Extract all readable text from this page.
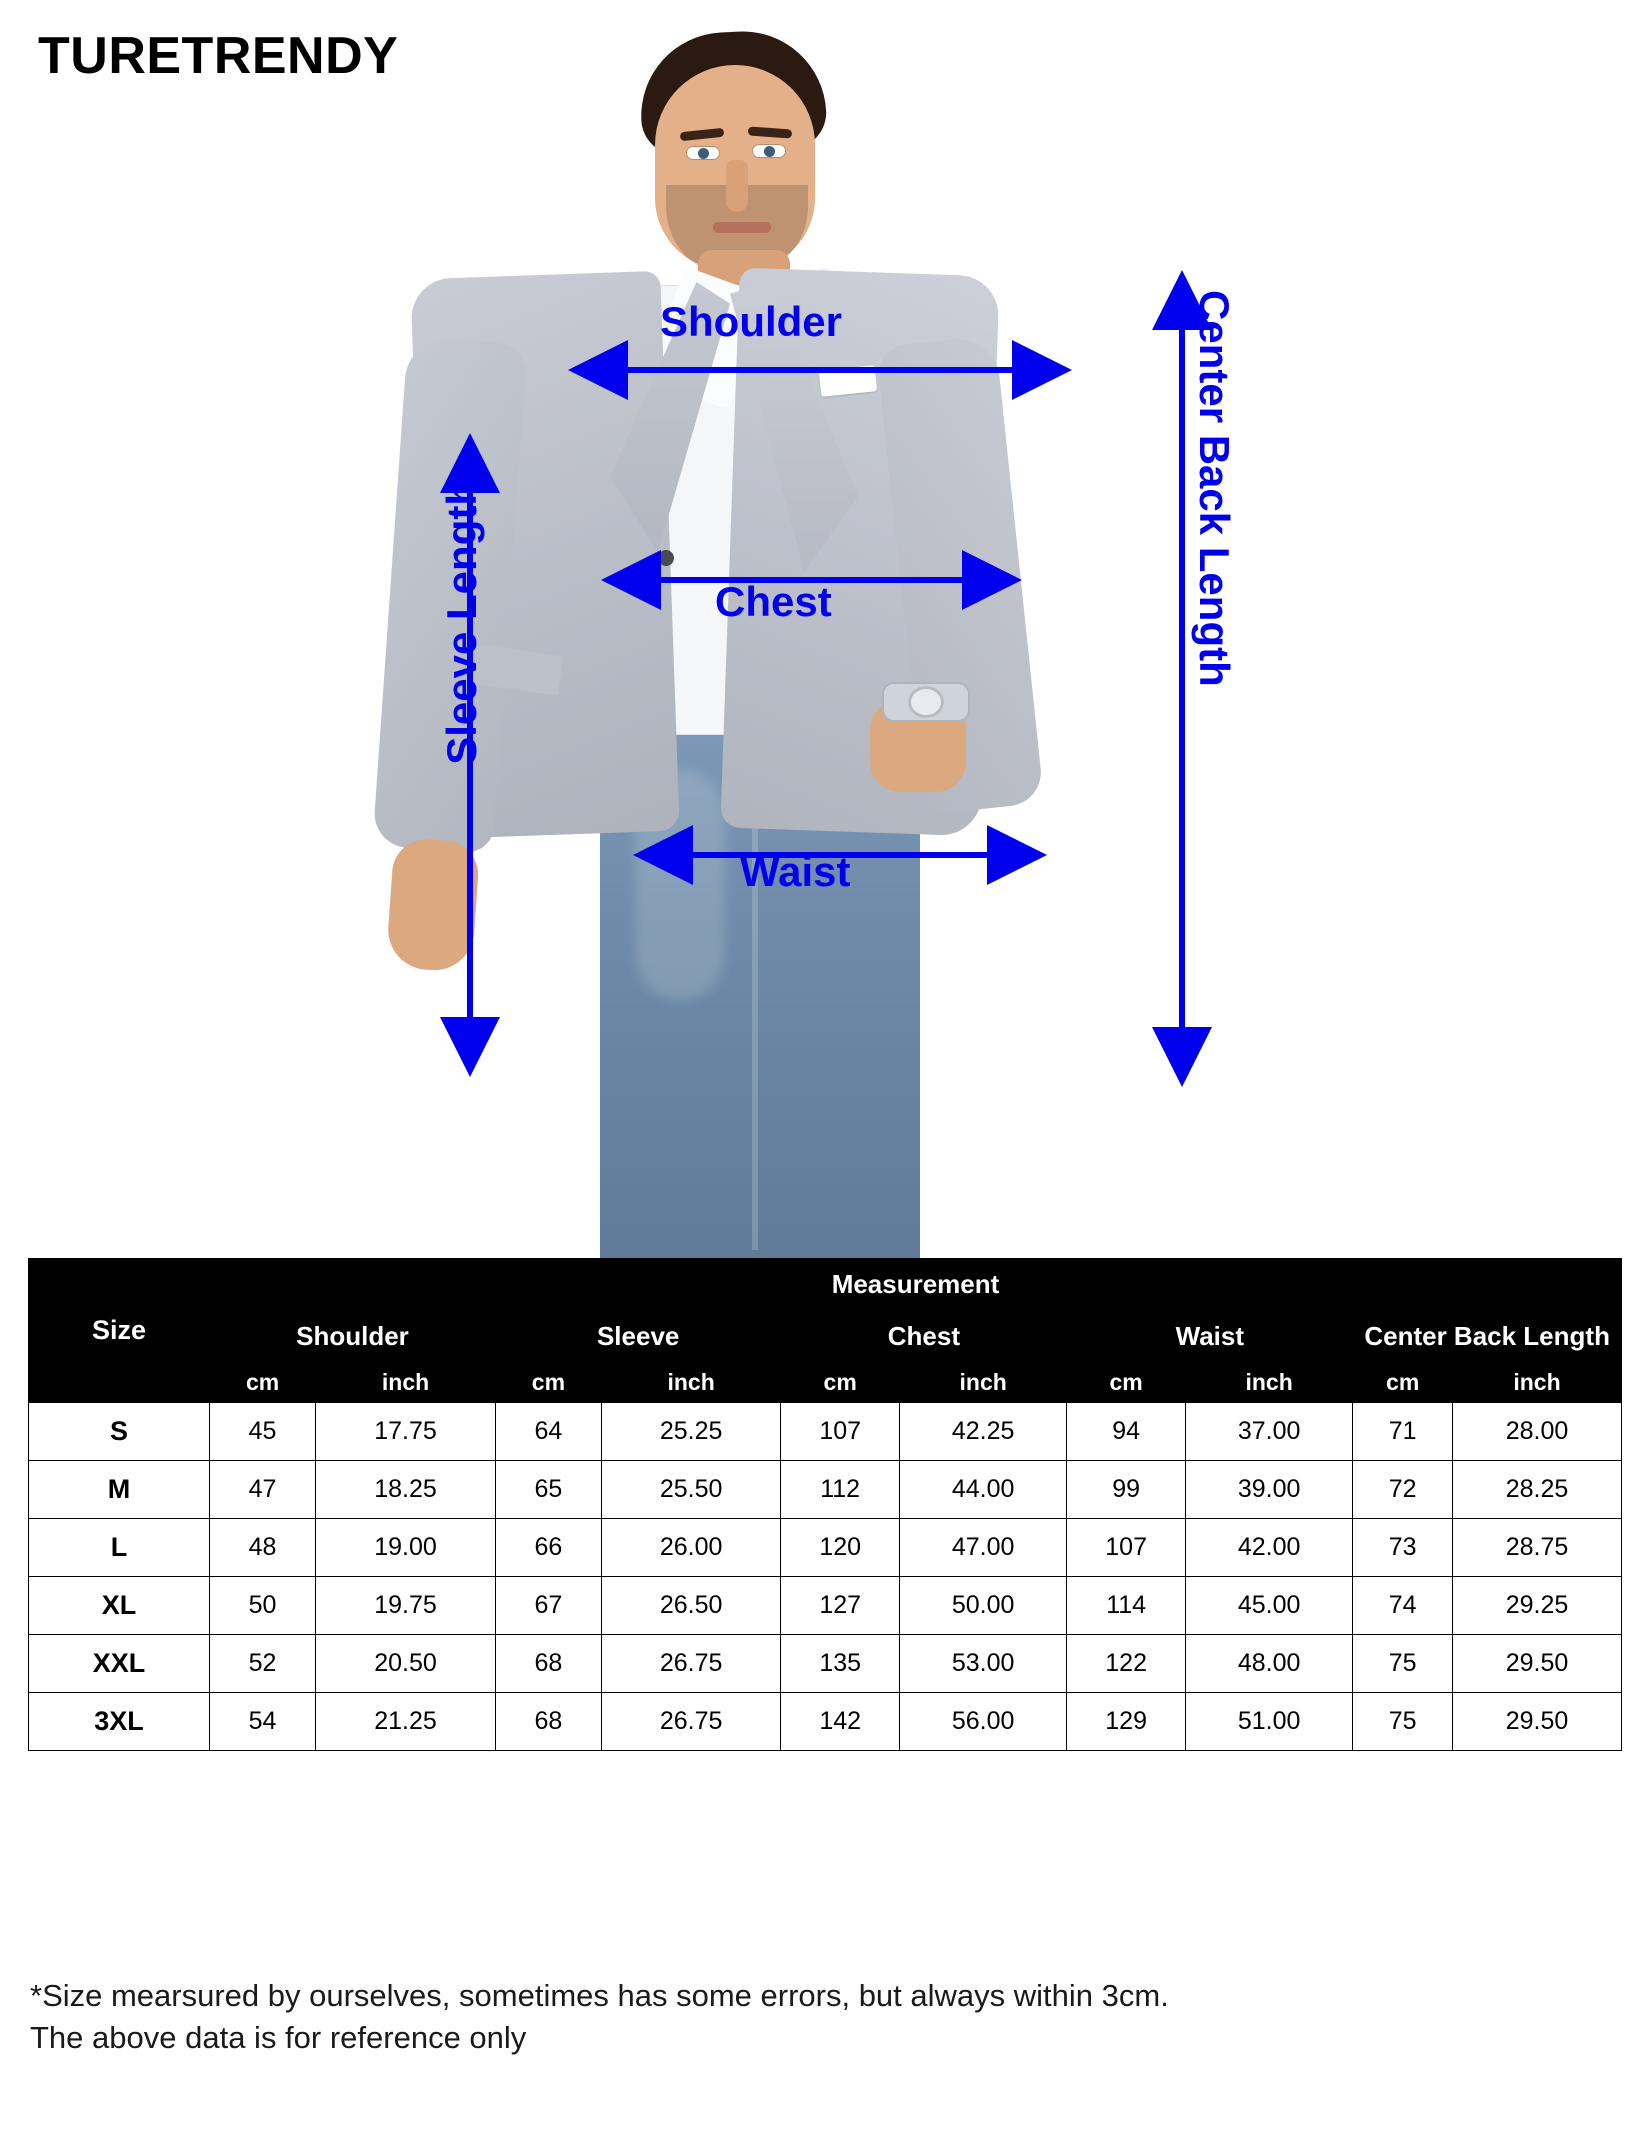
TURETRENDY
Shoulder
Chest
Waist
Sleeve Length	Center Back Length
Size	Measurement									
	Shoulder		Sleeve		Chest		Waist		Center Back Length	
	cm	inch	cm	inch	cm	inch	cm	inch	cm	inch
S	45	17.75	64	25.25	107	42.25	94	37.00	71	28.00
M	47	18.25	65	25.50	112	44.00	99	39.00	72	28.25
L	48	19.00	66	26.00	120	47.00	107	42.00	73	28.75
XL	50	19.75	67	26.50	127	50.00	114	45.00	74	29.25
XXL	52	20.50	68	26.75	135	53.00	122	48.00	75	29.50
3XL	54	21.25	68	26.75	142	56.00	129	51.00	75	29.50
*Size mearsured by ourselves, sometimes has some errors, but always within 3cm.
The above data is for reference only
